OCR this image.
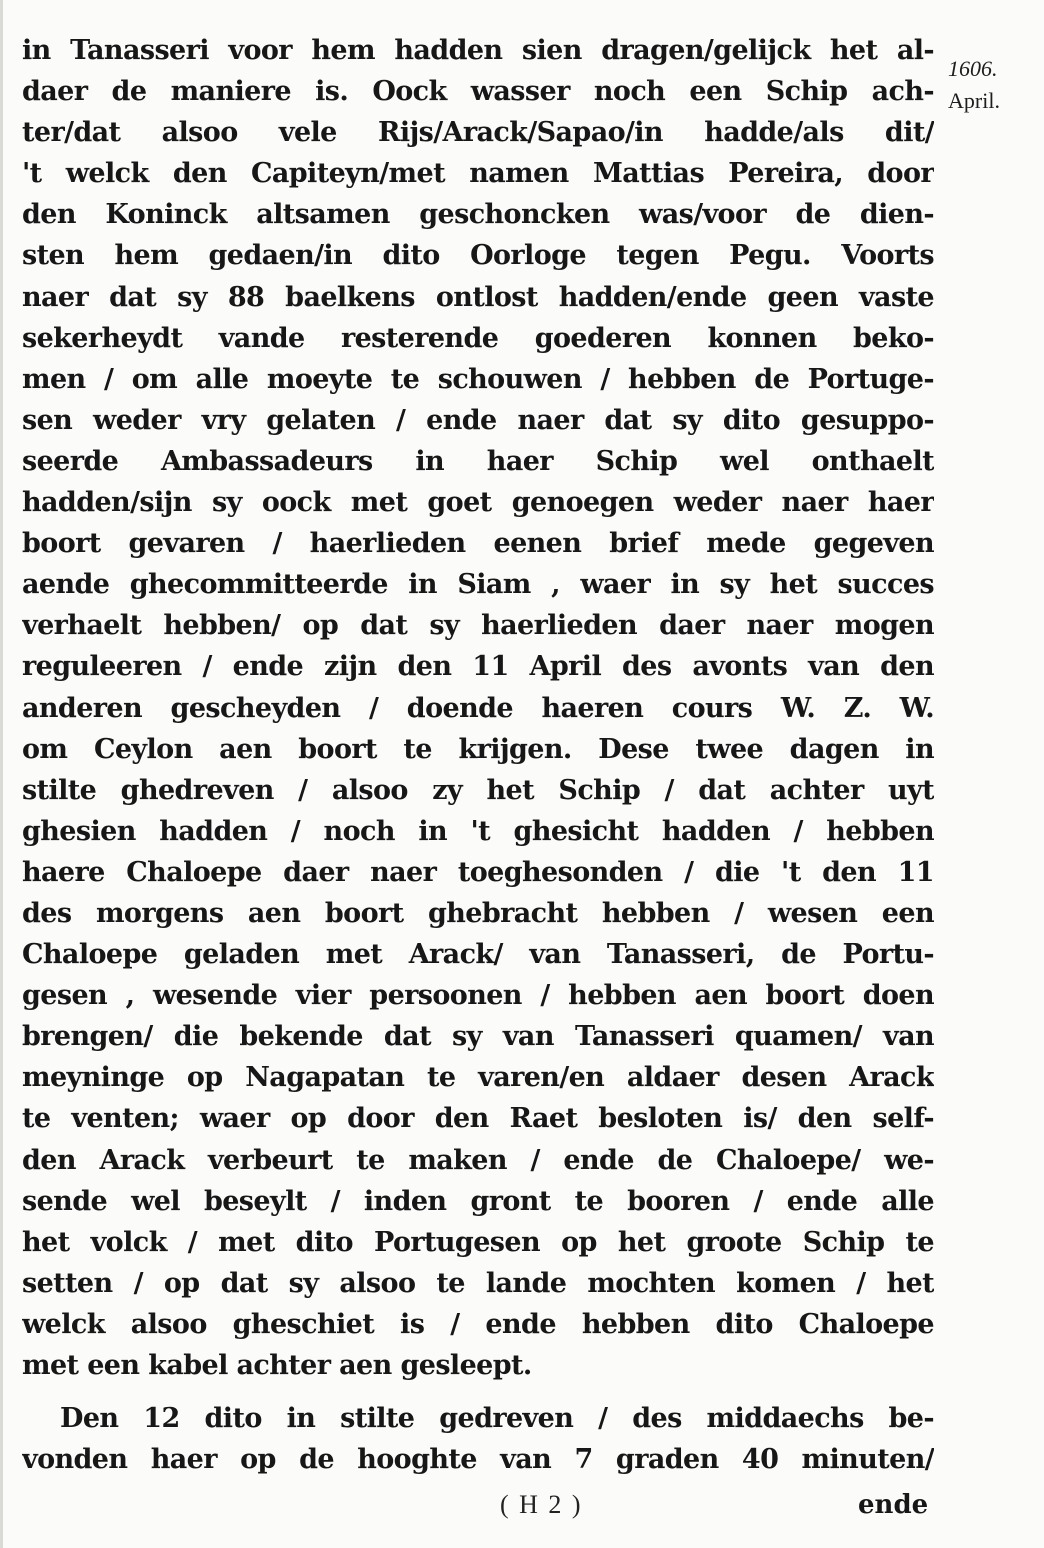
1606.
April.
in Tanasseri voor hem hadden sien dragen/gelijck het al-
daer de maniere is. Oock wasser noch een Schip ach-
ter/dat alsoo vele Rijs/Arack/Sapao/in hadde/als dit/
't welck den Capiteyn/met namen Mattias Pereira, door
den Koninck altsamen geschoncken was/voor de dien-
sten hem gedaen/in dito Oorloge tegen Pegu. Voorts
naer dat sy 88 baelkens ontlost hadden/ende geen vaste
sekerheydt vande resterende goederen konnen beko-
men / om alle moeyte te schouwen / hebben de Portuge-
sen weder vry gelaten / ende naer dat sy dito gesuppo-
seerde Ambassadeurs in haer Schip wel onthaelt
hadden/sijn sy oock met goet genoegen weder naer haer
boort gevaren / haerlieden eenen brief mede gegeven
aende ghecommitteerde in Siam , waer in sy het succes
verhaelt hebben/ op dat sy haerlieden daer naer mogen
reguleeren / ende zijn den 11 April des avonts van den
anderen gescheyden / doende haeren cours W. Z. W.
om Ceylon aen boort te krijgen. Dese twee dagen in
stilte ghedreven / alsoo zy het Schip / dat achter uyt
ghesien hadden / noch in 't ghesicht hadden / hebben
haere Chaloepe daer naer toeghesonden / die 't den 11
des morgens aen boort ghebracht hebben / wesen een
Chaloepe geladen met Arack/ van Tanasseri, de Portu-
gesen , wesende vier persoonen / hebben aen boort doen
brengen/ die bekende dat sy van Tanasseri quamen/ van
meyninge op Nagapatan te varen/en aldaer desen Arack
te venten; waer op door den Raet besloten is/ den self-
den Arack verbeurt te maken / ende de Chaloepe/ we-
sende wel beseylt / inden gront te booren / ende alle
het volck / met dito Portugesen op het groote Schip te
setten / op dat sy alsoo te lande mochten komen / het
welck alsoo gheschiet is / ende hebben dito Chaloepe
met een kabel achter aen gesleept.
Den 12 dito in stilte gedreven / des middaechs be-
vonden haer op de hooghte van 7 graden 40 minuten/
( H 2 )	ende
